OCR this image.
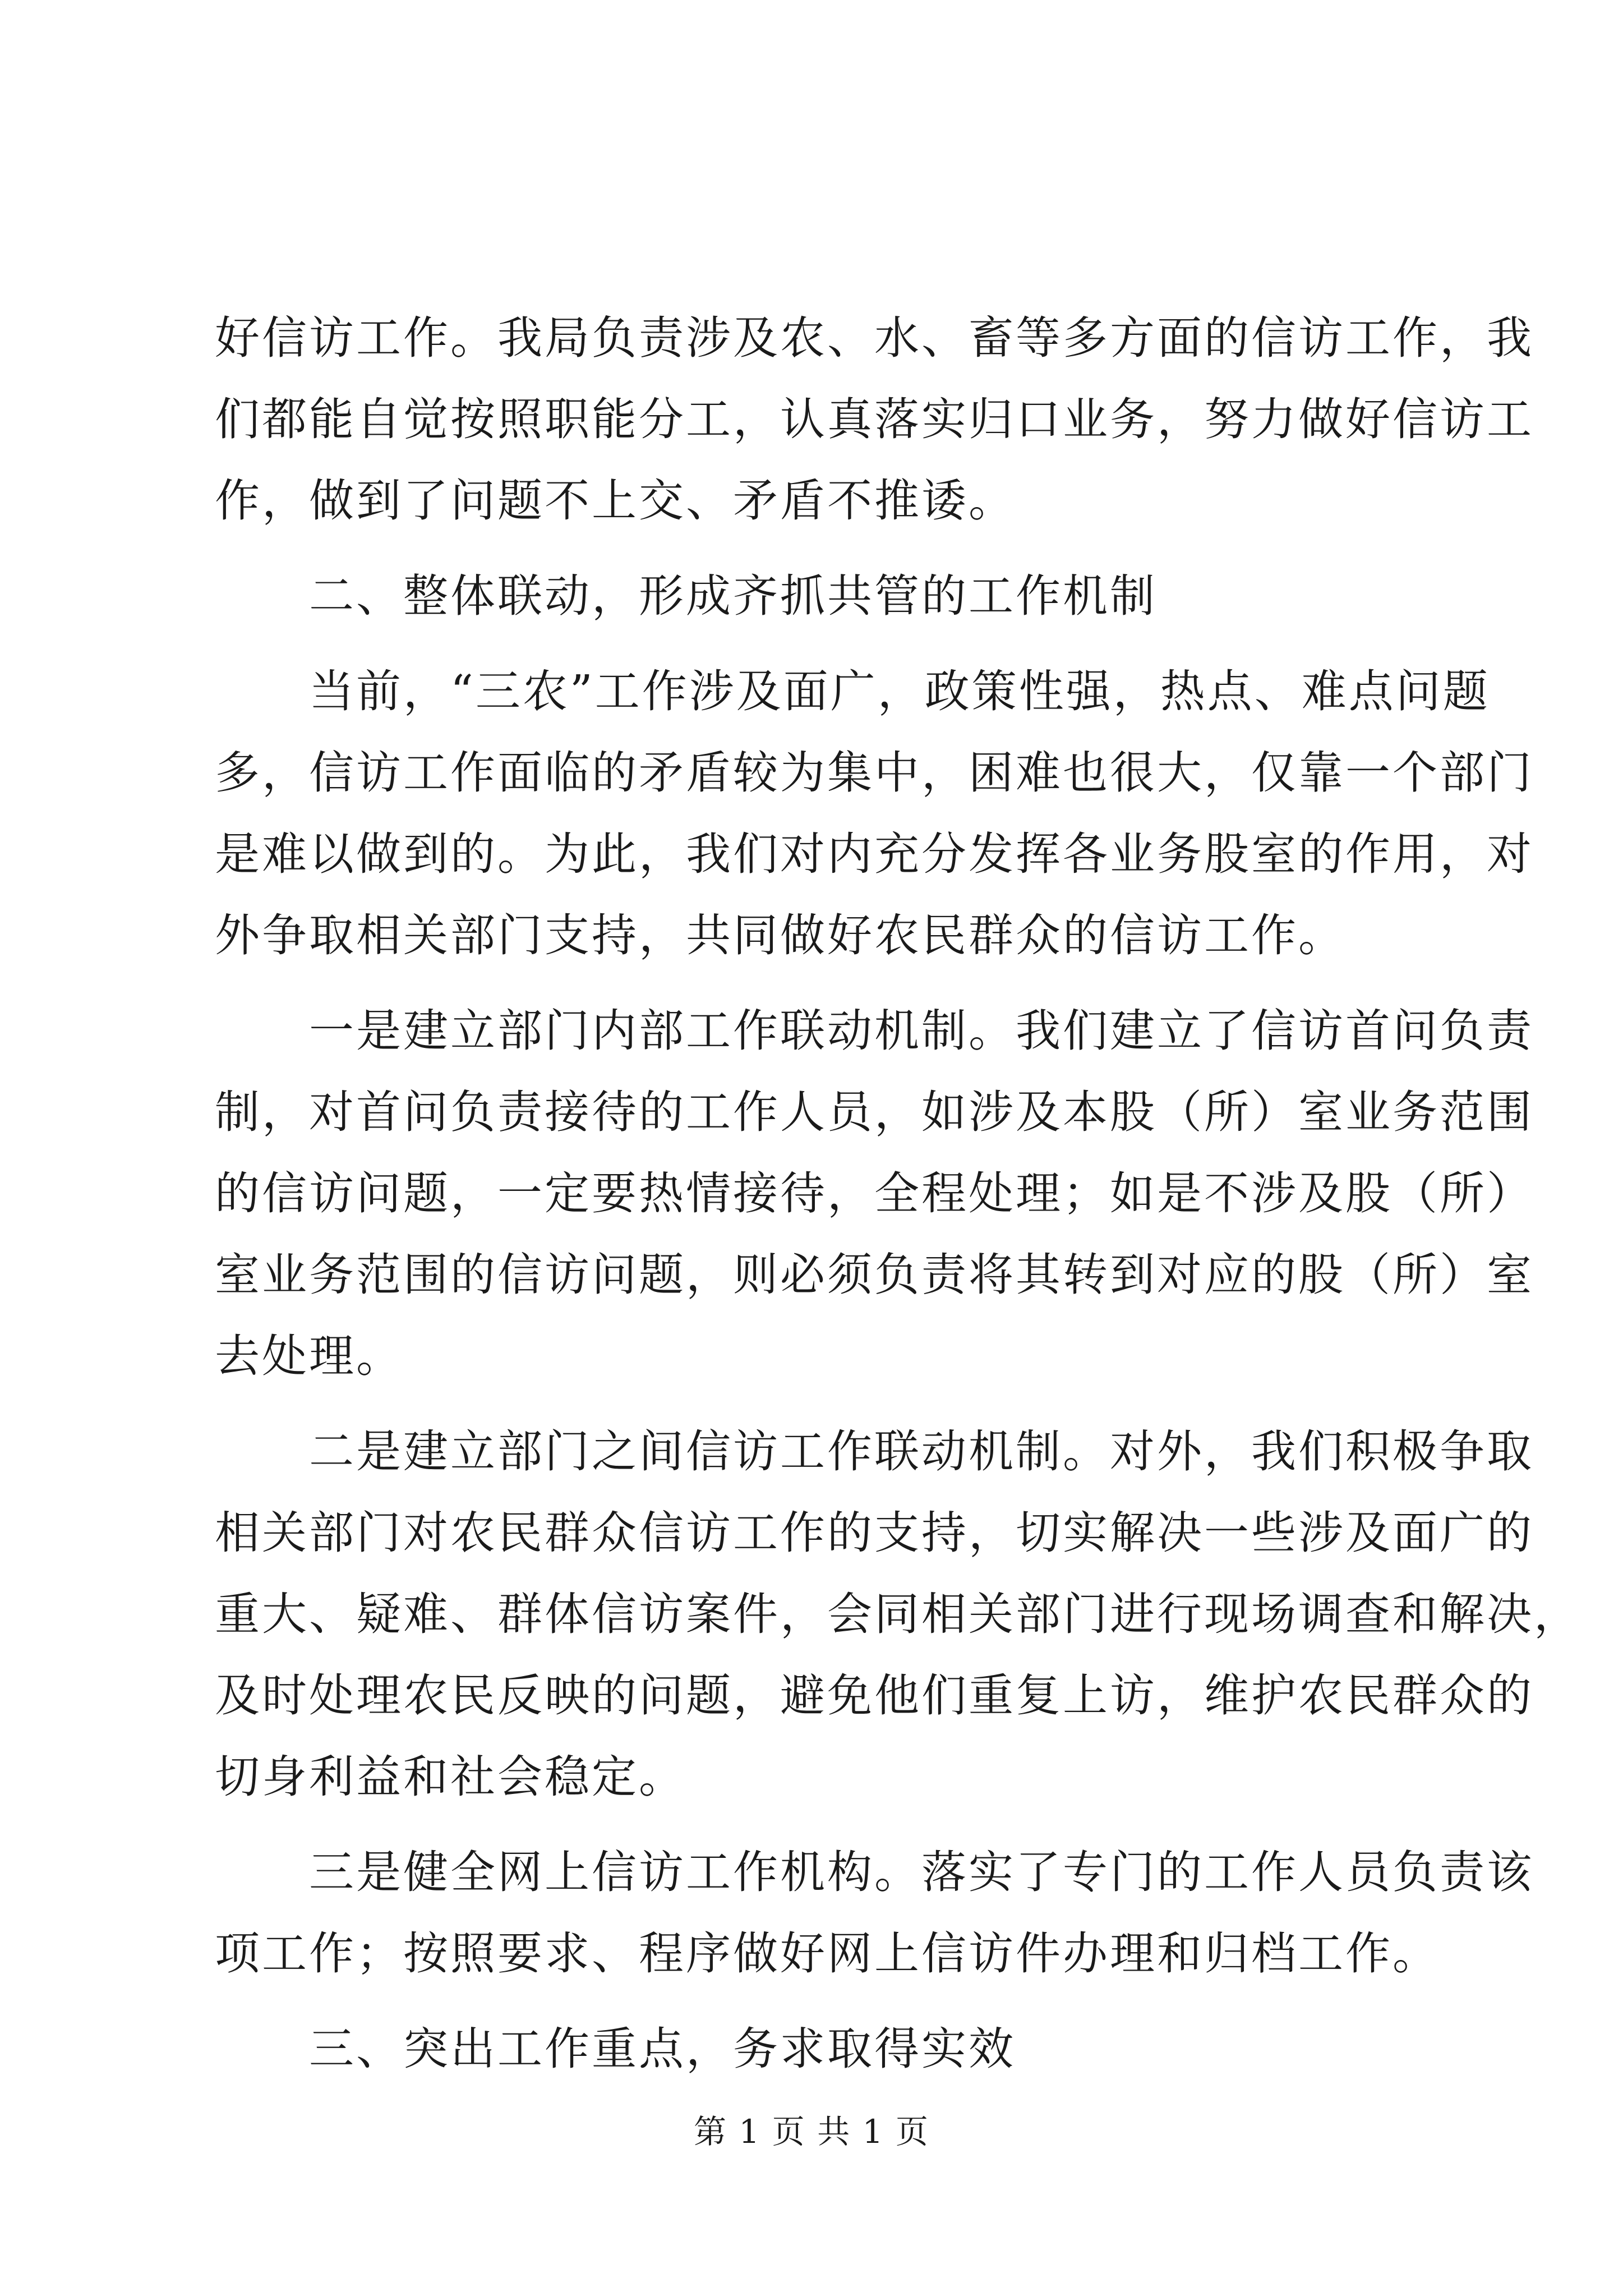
好信访工作。我局负责涉及农、水、畜等多方面的信访工作，我
们都能自觉按照职能分工，认真落实归口业务，努力做好信访工
作，做到了问题不上交、矛盾不推诿。
二、整体联动，形成齐抓共管的工作机制
当前，“三农”工作涉及面广，政策性强，热点、难点问题
多，信访工作面临的矛盾较为集中，困难也很大，仅靠一个部门
是难以做到的。为此，我们对内充分发挥各业务股室的作用，对
外争取相关部门支持，共同做好农民群众的信访工作。
一是建立部门内部工作联动机制。我们建立了信访首问负责
制，对首问负责接待的工作人员，如涉及本股（所）室业务范围
的信访问题，一定要热情接待，全程处理；如是不涉及股（所）
室业务范围的信访问题，则必须负责将其转到对应的股（所）室
去处理。
二是建立部门之间信访工作联动机制。对外，我们积极争取
相关部门对农民群众信访工作的支持，切实解决一些涉及面广的
重大、疑难、群体信访案件，会同相关部门进行现场调查和解决，
及时处理农民反映的问题，避免他们重复上访，维护农民群众的
切身利益和社会稳定。
三是健全网上信访工作机构。落实了专门的工作人员负责该
项工作；按照要求、程序做好网上信访件办理和归档工作。
三、突出工作重点，务求取得实效
第 1 页 共 1 页
